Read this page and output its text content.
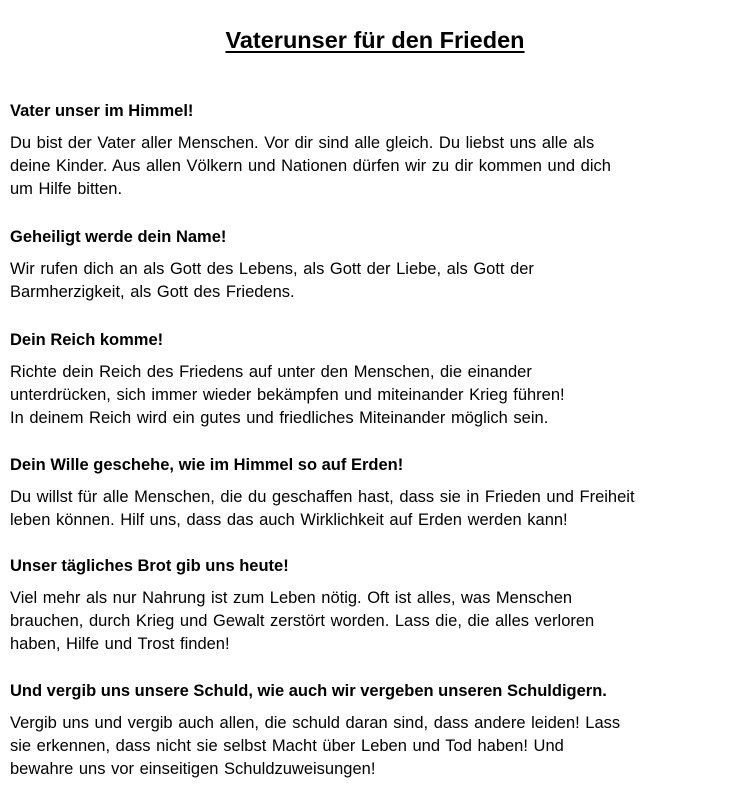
Vaterunser für den Frieden

Vater unser im Himmel!

Du bist der Vater aller Menschen. Vor dir sind alle gleich. Du liebst uns alle als
deine Kinder. Aus allen Völkern und Nationen dürfen wir zu dir kommen und dich
um Hilfe bitten.

Geheiligt werde dein Name!

Wir rufen dich an als Gott des Lebens, als Gott der Liebe, als Gott der
Barmherzigkeit, als Gott des Friedens.

Dein Reich komme!

Richte dein Reich des Friedens auf unter den Menschen, die einander
unterdrücken, sich immer wieder bekämpfen und miteinander Krieg führen!
In deinem Reich wird ein gutes und friedliches Miteinander möglich sein.

Dein Wille geschehe, wie im Himmel so auf Erden!

Du willst für alle Menschen, die du geschaffen hast, dass sie in Frieden und Freiheit
leben können. Hilf uns, dass das auch Wirklichkeit auf Erden werden kann!

Unser tägliches Brot gib uns heute!

Viel mehr als nur Nahrung ist zum Leben nötig. Oft ist alles, was Menschen
brauchen, durch Krieg und Gewalt zerstört worden. Lass die, die alles verloren
haben, Hilfe und Trost finden!

Und vergib uns unsere Schuld, wie auch wir vergeben unseren Schuldigern.

Vergib uns und vergib auch allen, die schuld daran sind, dass andere leiden! Lass
sie erkennen, dass nicht sie selbst Macht über Leben und Tod haben! Und
bewahre uns vor einseitigen Schuldzuweisungen!
